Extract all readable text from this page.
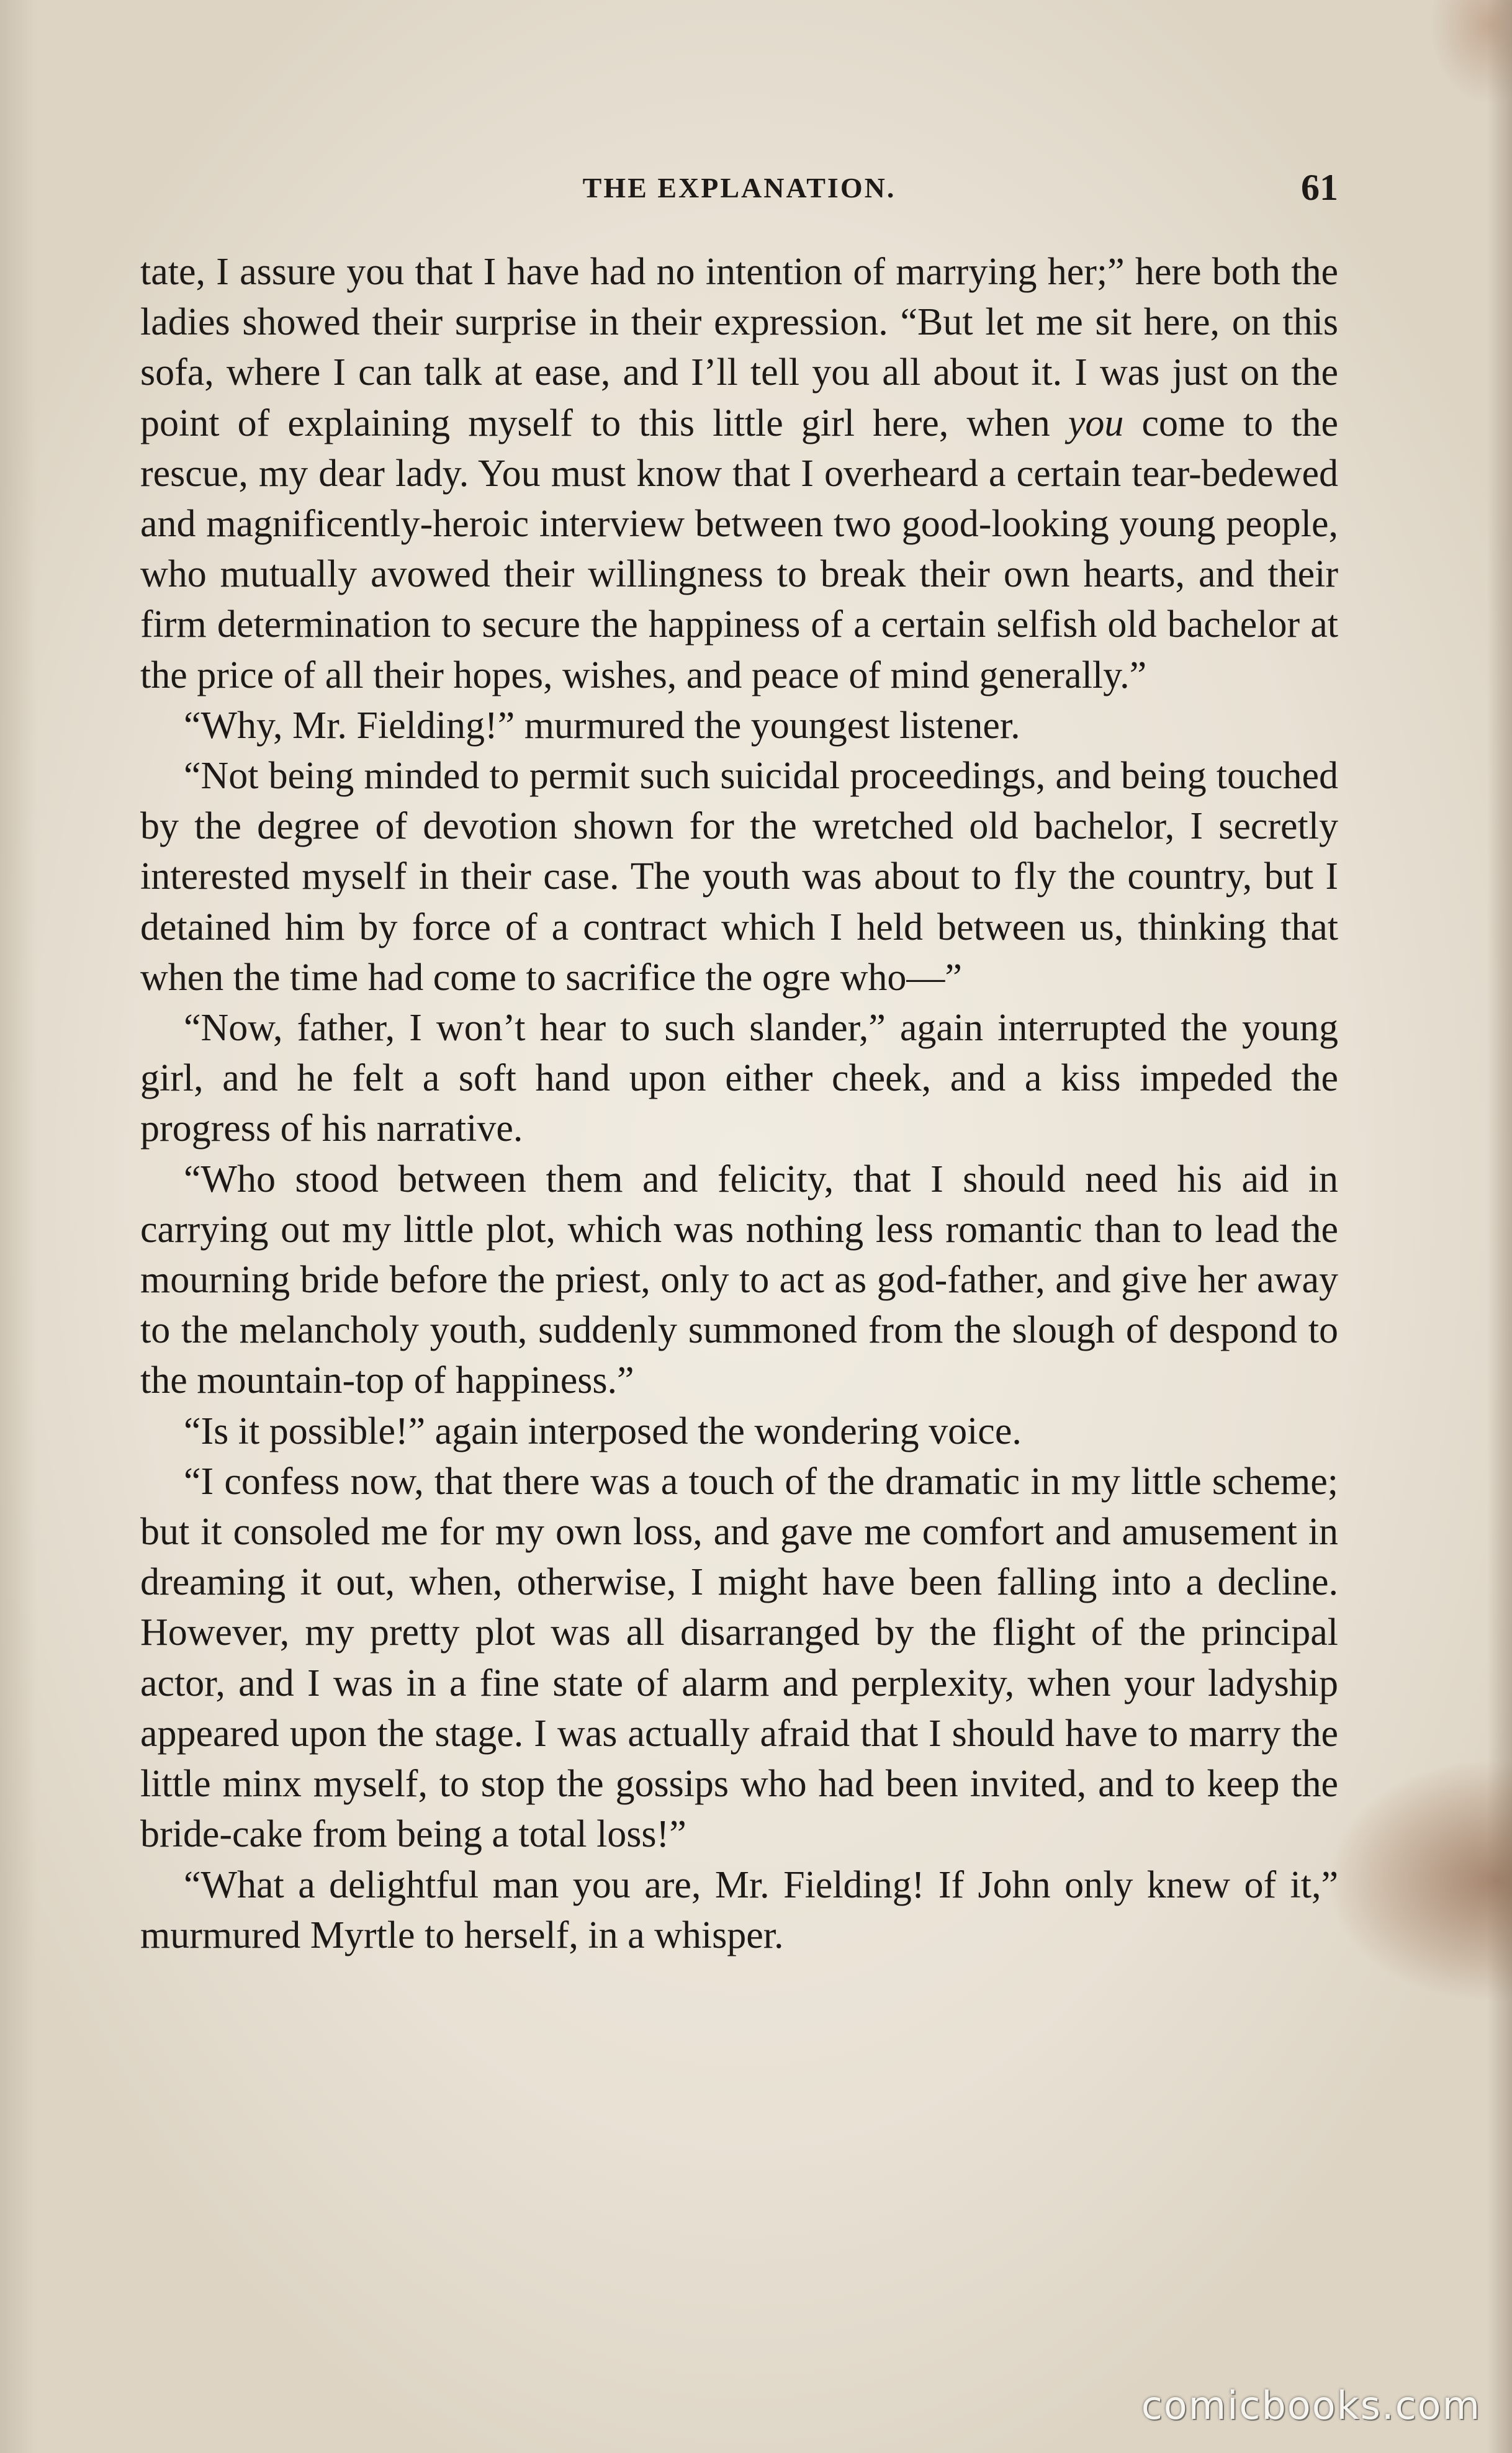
THE EXPLANATION.	61

tate, I assure you that I have had no intention of marrying her;” here both the ladies showed their surprise in their expression. “But let me sit here, on this sofa, where I can talk at ease, and I’ll tell you all about it. I was just on the point of explaining myself to this little girl here, when you come to the rescue, my dear lady. You must know that I overheard a certain tear-bedewed and magnificently-heroic interview between two good-looking young people, who mutually avowed their willingness to break their own hearts, and their firm determination to secure the happiness of a certain selfish old bachelor at the price of all their hopes, wishes, and peace of mind generally.”

“Why, Mr. Fielding!” murmured the youngest listener.

“Not being minded to permit such suicidal proceedings, and being touched by the degree of devotion shown for the wretched old bachelor, I secretly interested myself in their case. The youth was about to fly the country, but I detained him by force of a contract which I held between us, thinking that when the time had come to sacrifice the ogre who—”

“Now, father, I won’t hear to such slander,” again interrupted the young girl, and he felt a soft hand upon either cheek, and a kiss impeded the progress of his narrative.

“Who stood between them and felicity, that I should need his aid in carrying out my little plot, which was nothing less romantic than to lead the mourning bride before the priest, only to act as god-father, and give her away to the melancholy youth, suddenly summoned from the slough of despond to the mountain-top of happiness.”

“Is it possible!” again interposed the wondering voice.

“I confess now, that there was a touch of the dramatic in my little scheme; but it consoled me for my own loss, and gave me comfort and amusement in dreaming it out, when, otherwise, I might have been falling into a decline. However, my pretty plot was all disarranged by the flight of the principal actor, and I was in a fine state of alarm and perplexity, when your ladyship appeared upon the stage. I was actually afraid that I should have to marry the little minx myself, to stop the gossips who had been invited, and to keep the bride-cake from being a total loss!”

“What a delightful man you are, Mr. Fielding! If John only knew of it,” murmured Myrtle to herself, in a whisper.

comicbooks.com
